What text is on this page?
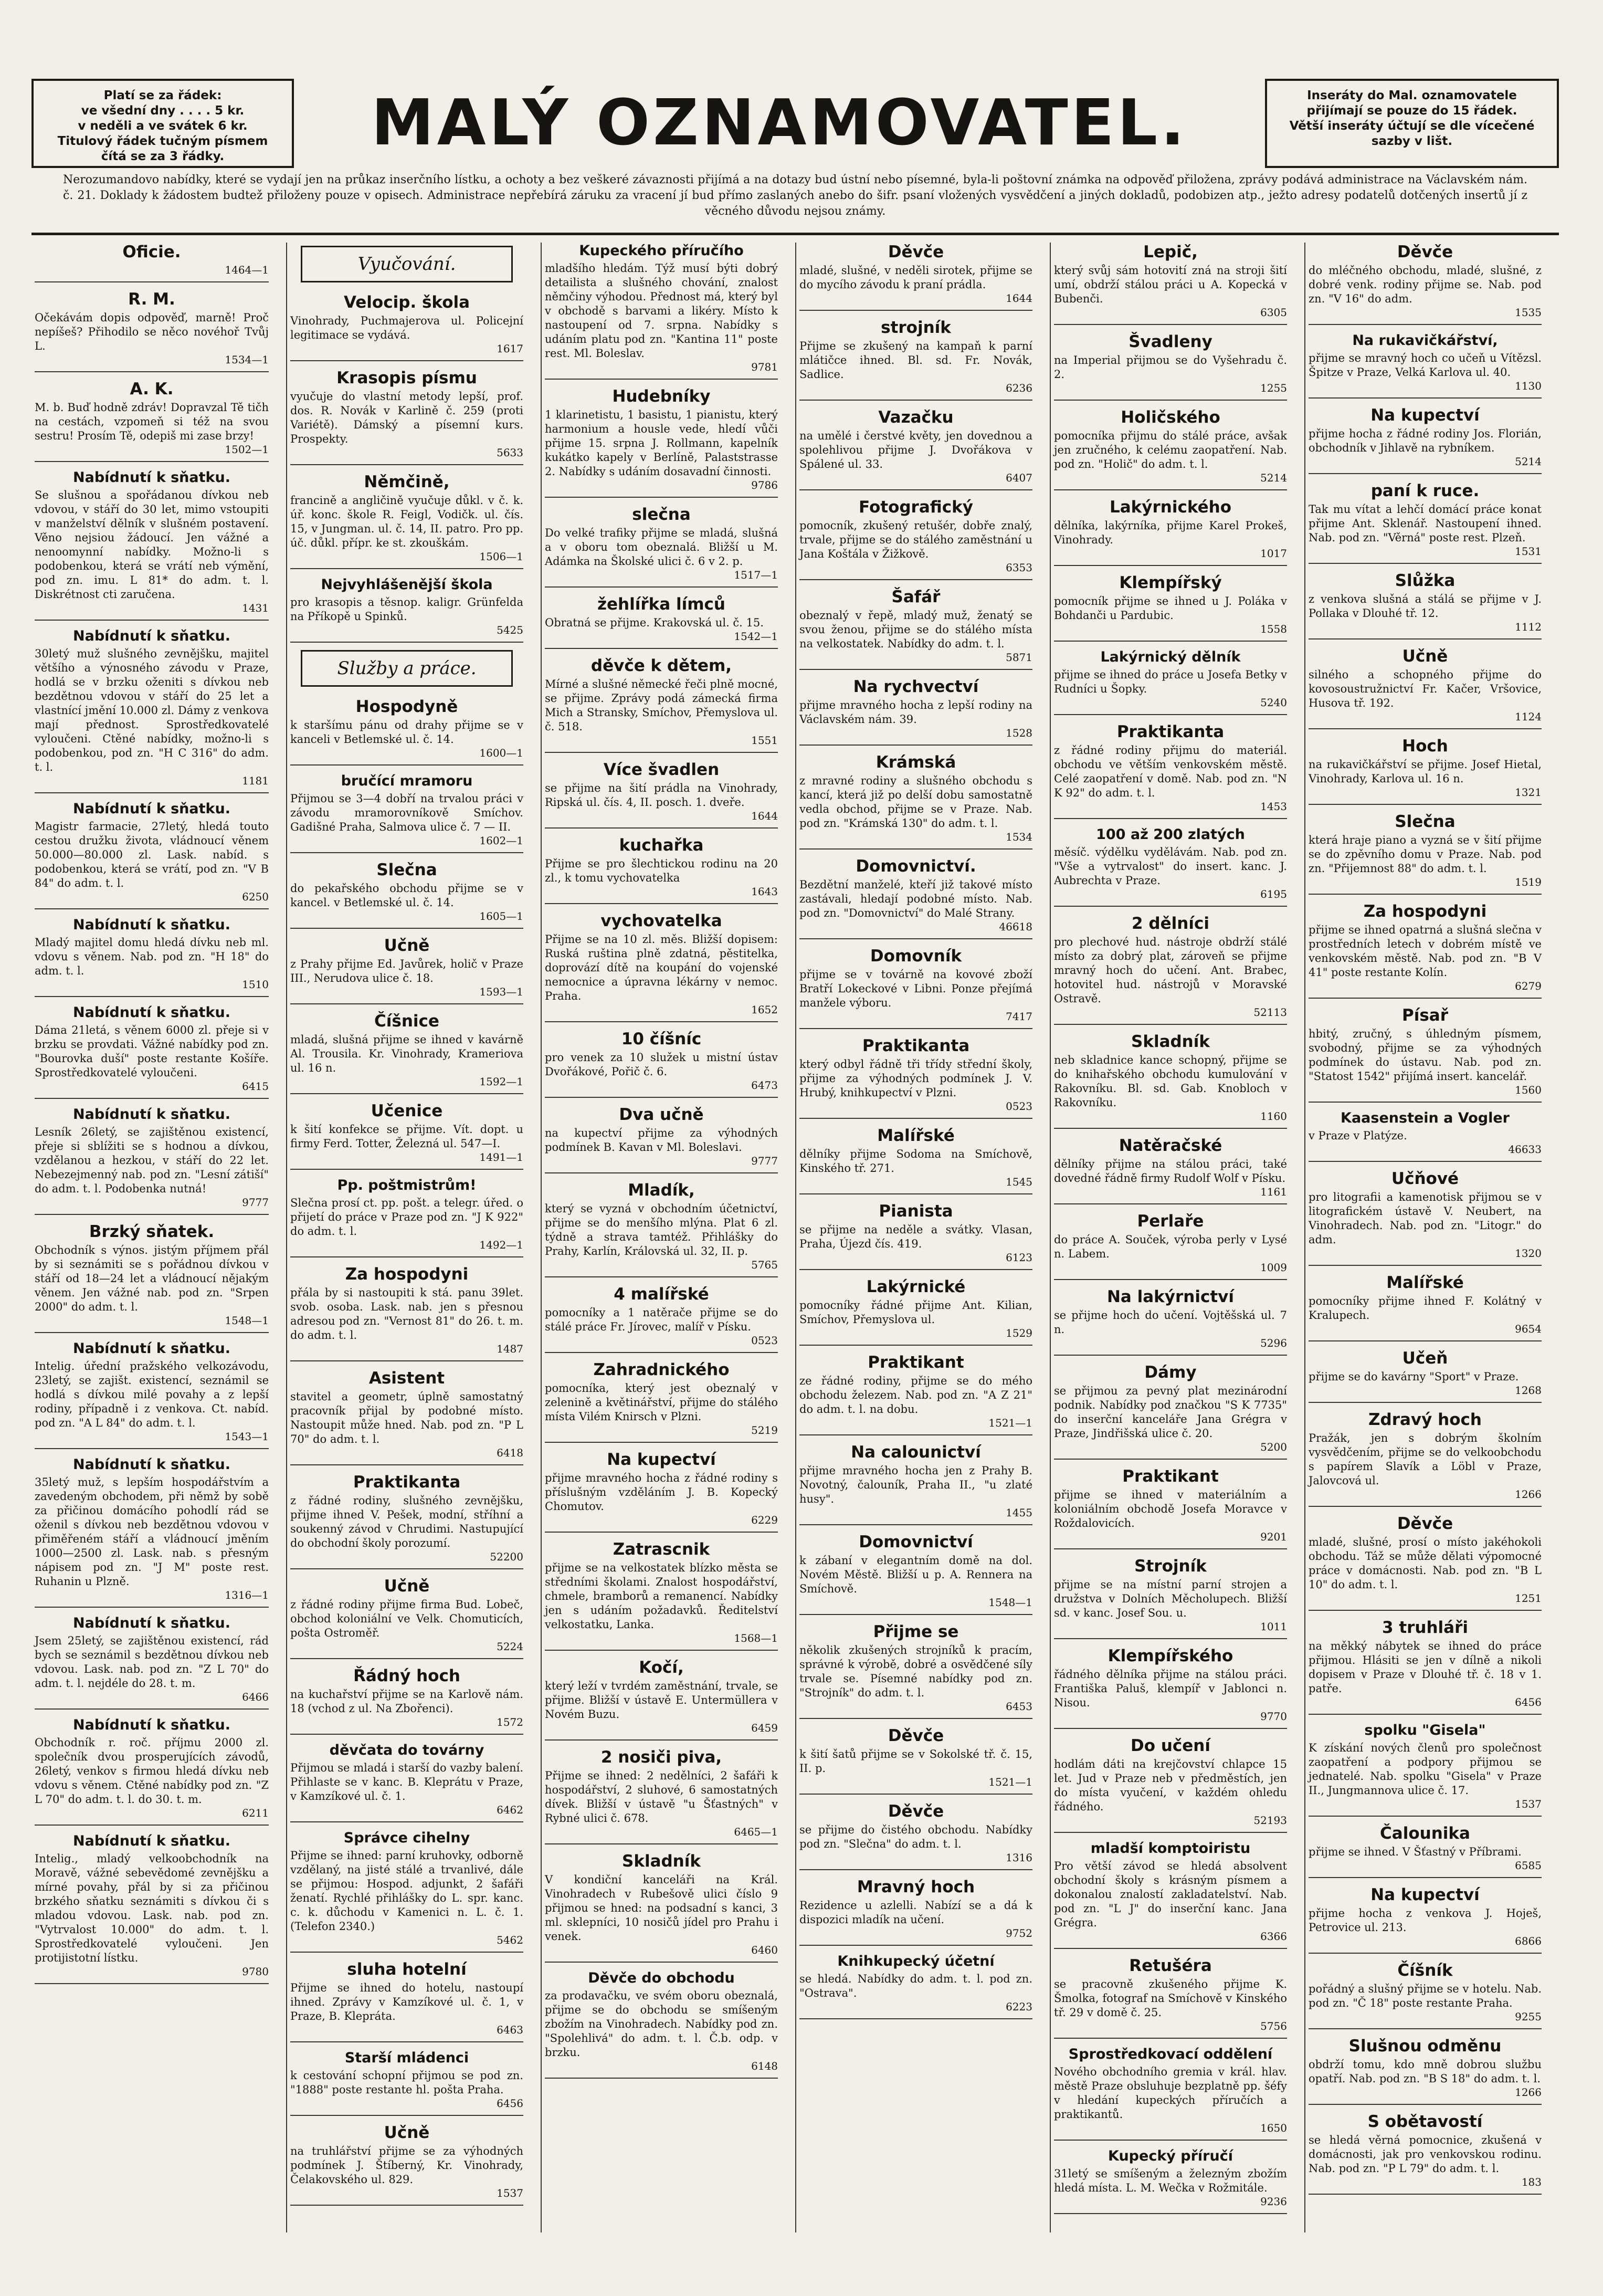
Platí se za řádek:
ve všední dny . . . . 5 kr.
v neděli a ve svátek 6 kr.
Titulový řádek tučným písmem
čítá se za 3 řádky.	MALÝ OZNAMOVATEL.	Inseráty do Mal. oznamovatele
přijímají se pouze do 15 řádek.
Větší inseráty účtují se dle vícečené sazby v lišt.
Nerozumandovo nabídky, které se vydají jen na průkaz inserčního lístku, a ochoty a bez veškeré závaznosti přijímá a na dotazy bud ústní nebo písemné, byla-li poštovní známka na odpověď přiložena, zprávy podává administrace na Václavském nám. č. 21. Doklady k žádostem budtež přiloženy pouze v opisech. Administrace nepřebírá záruku za vracení jí bud přímo zaslaných anebo do šifr. psaní vložených vysvědčení a jiných dokladů, podobizen atp., ježto adresy podatelů dotčených insertů jí z věcného důvodu nejsou známy.
Oficie.
1464—1
R. M.

Očekávám dopis odpověď, marně! Proč nepíšeš? Přihodilo se něco novéhoř Tvůj L.

1534—1
A. K.

M. b. Buď hodně zdráv! Dopravzal Tě tičh na cestách, vzpomeň si též na svou sestru! Prosím Tě, odepiš mi zase brzy!

1502—1
Nabídnutí k sňatku.

Se slušnou a spořádanou dívkou neb vdovou, v stáří do 30 let, mimo vstoupiti v manželství dělník v slušném postavení. Věno nejsiou žádoucí. Jen vážné a nenoomynní nabídky. Možno-li s podobenkou, která se vrátí neb výmění, pod zn. imu. L 81* do adm. t. l. Diskrétnost cti zaručena.

1431
Nabídnutí k sňatku.

30letý muž slušného zevnějšku, majitel většího a výnosného závodu v Praze, hodlá se v brzku oženiti s dívkou neb bezdětnou vdovou v stáří do 25 let a vlastnící jmění 10.000 zl. Dámy z venkova mají přednost. Sprostředkovatelé vyloučeni. Ctěné nabídky, možno-li s podobenkou, pod zn. "H C 316" do adm. t. l.

1181
Nabídnutí k sňatku.

Magistr farmacie, 27letý, hledá touto cestou družku života, vládnoucí věnem 50.000—80.000 zl. Lask. nabíd. s podobenkou, která se vrátí, pod zn. "V B 84" do adm. t. l.

6250
Nabídnutí k sňatku.

Mladý majitel domu hledá dívku neb ml. vdovu s věnem. Nab. pod zn. "H 18" do adm. t. l.

1510
Nabídnutí k sňatku.

Dáma 21letá, s věnem 6000 zl. přeje si v brzku se provdati. Vážné nabídky pod zn. "Bourovka duší" poste restante Košíře. Sprostředkovatelé vyloučeni.

6415
Nabídnutí k sňatku.

Lesník 26letý, se zajištěnou existencí, přeje si sblížiti se s hodnou a dívkou, vzdělanou a hezkou, v stáří do 22 let. Nebezejmenný nab. pod zn. "Lesní zátiší" do adm. t. l. Podobenka nutná!

9777
Brzký sňatek.

Obchodník s výnos. jistým příjmem přál by si seznámiti se s pořádnou dívkou v stáří od 18—24 let a vládnoucí nějakým věnem. Jen vážné nab. pod zn. "Srpen 2000" do adm. t. l.

1548—1
Nabídnutí k sňatku.

Intelig. úřední pražského velkozávodu, 23letý, se zajišt. existencí, seznámil se hodlá s dívkou milé povahy a z lepší rodiny, případně i z venkova. Ct. nabíd. pod zn. "A L 84" do adm. t. l.

1543—1
Nabídnutí k sňatku.

35letý muž, s lepším hospodářstvím a zavedeným obchodem, při němž by sobě za přičinou domácího pohodlí rád se oženil s dívkou neb bezdětnou vdovou v přiměřeném stáří a vládnoucí jměním 1000—2500 zl. Lask. nab. s přesným nápisem pod zn. "J M" poste rest. Ruhanin u Plzně.

1316—1
Nabídnutí k sňatku.

Jsem 25letý, se zajištěnou existencí, rád bych se seznámil s bezdětnou dívkou neb vdovou. Lask. nab. pod zn. "Z L 70" do adm. t. l. nejdéle do 28. t. m.

6466
Nabídnutí k sňatku.

Obchodník r. roč. příjmu 2000 zl. společník dvou prosperujících závodů, 26letý, venkov s firmou hledá dívku neb vdovu s věnem. Ctěné nabídky pod zn. "Z L 70" do adm. t. l. do 30. t. m.

6211
Nabídnutí k sňatku.

Intelig., mladý velkoobchodník na Moravě, vážné sebevědomé zevnějšku a mírné povahy, přál by si za přičinou brzkého sňatku seznámiti s dívkou či s mladou vdovou. Lask. nab. pod zn. "Vytrvalost 10.000" do adm. t. l. Sprostředkovatelé vyloučeni. Jen protijistotní lístku.

9780
Vyučování.
Velocip. škola

Vinohrady, Puchmajerova ul. Policejní legitimace se vydává.

1617
Krasopis písmu

vyučuje do vlastní metody lepší, prof. dos. R. Novák v Karlině č. 259 (proti Variétě). Dámský a písemní kurs. Prospekty.

5633
Němčině,

francině a angličině vyučuje důkl. v č. k. úř. konc. škole R. Feigl, Vodičk. ul. čís. 15, v Jungman. ul. č. 14, II. patro. Pro pp. úč. důkl. přípr. ke st. zkouškám.

1506—1
Nejvyhlášenější škola

pro krasopis a těsnop. kaligr. Grünfelda na Příkopě u Spinků.

5425
Služby a práce.
Hospodyně

k staršímu pánu od drahy přijme se v kanceli v Betlemské ul. č. 14.

1600—1
bručící mramoru

Přijmou se 3—4 dobří na trvalou práci v závodu mramorovníkově Smíchov. Gadišné Praha, Salmova ulice č. 7 — II.

1602—1
Slečna

do pekařského obchodu přijme se v kancel. v Betlemské ul. č. 14.

1605—1
Učně

z Prahy přijme Ed. Javůrek, holič v Praze III., Nerudova ulice č. 18.

1593—1
Číšnice

mladá, slušná přijme se ihned v kavárně Al. Trousila. Kr. Vinohrady, Krameriova ul. 16 n.

1592—1
Učenice

k šití konfekce se přijme. Vít. dopt. u firmy Ferd. Totter, Železná ul. 547—I.

1491—1
Pp. poštmistrům!

Slečna prosí ct. pp. pošt. a telegr. úřed. o přijetí do práce v Praze pod zn. "J K 922" do adm. t. l.

1492—1
Za hospodyni

přála by si nastoupiti k stá. panu 39let. svob. osoba. Lask. nab. jen s přesnou adresou pod zn. "Vernost 81" do 26. t. m. do adm. t. l.

1487
Asistent

stavitel a geometr, úplně samostatný pracovník přijal by podobné místo. Nastoupit může hned. Nab. pod zn. "P L 70" do adm. t. l.

6418
Praktikanta

z řádné rodiny, slušného zevnějšku, přijme ihned V. Pešek, modní, stříhní a soukenný závod v Chrudimi. Nastupující do obchodní školy porozumí.

52200
Učně

z řádné rodiny přijme firma Bud. Lobeč, obchod koloniální ve Velk. Chomuticích, pošta Ostroměř.

5224
Řádný hoch

na kuchařství přijme se na Karlově nám. 18 (vchod z ul. Na Zbořenci).

1572
děvčata do továrny

Přijmou se mladá i starší do vazby balení. Přihlaste se v kanc. B. Kleprátu v Praze, v Kamzíkové ul. č. 1.

6462
Správce cihelny

Přijme se ihned: parní kruhovky, odborně vzdělaný, na jisté stálé a trvanlivé, dále se přijmou: Hospod. adjunkt, 2 šafáři ženatí. Rychlé přihlášky do L. spr. kanc. c. k. důchodu v Kamenici n. L. č. 1. (Telefon 2340.)

5462
sluha hotelní

Přijme se ihned do hotelu, nastoupí ihned. Zprávy v Kamzíkové ul. č. 1, v Praze, B. Klepráta.

6463
Starší mládenci

k cestování schopní přijmou se pod zn. "1888" poste restante hl. pošta Praha.

6456
Učně

na truhlářství přijme se za výhodných podmínek J. Štíberný, Kr. Vinohrady, Čelakovského ul. 829.

1537
Kupeckého příručího

mladšího hledám. Týž musí býti dobrý detailista a slušného chování, znalost němčiny výhodou. Přednost má, který byl v obchodě s barvami a likéry. Místo k nastoupení od 7. srpna. Nabídky s udáním platu pod zn. "Kantina 11" poste rest. Ml. Boleslav.

9781
Hudebníky

1 klarinetistu, 1 basistu, 1 pianistu, který harmonium a housle vede, hledí vůči přijme 15. srpna J. Rollmann, kapelník kukátko kapely v Berlíně, Palaststrasse 2. Nabídky s udáním dosavadní činnosti.

9786
slečna

Do velké trafiky přijme se mladá, slušná a v oboru tom obeznalá. Bližší u M. Adámka na Školské ulici č. 6 v 2. p.

1517—1
žehlířka límců

Obratná se přijme. Krakovská ul. č. 15.

1542—1
děvče k dětem,

Mírné a slušné německé řeči plně mocné, se přijme. Zprávy podá zámecká firma Mich a Stransky, Smíchov, Přemyslova ul. č. 518.

1551
Více švadlen

se přijme na šití prádla na Vinohrady, Ripská ul. čís. 4, II. posch. 1. dveře.

1644
kuchařka

Přijme se pro šlechtickou rodinu na 20 zl., k tomu vychovatelka

1643
vychovatelka

Přijme se na 10 zl. měs. Bližší dopisem: Ruská ruština plně zdatná, pěstitelka, doprovází dítě na koupání do vojenské nemocnice a úpravna lékárny v nemoc. Praha.

1652
10 číšníc

pro venek za 10 služek u mistní ústav Dvořákové, Pořič č. 6.

6473
Dva učně

na kupectví přijme za výhodných podmínek B. Kavan v Ml. Boleslavi.

9777
Mladík,

který se vyzná v obchodním účetnictví, přijme se do menšího mlýna. Plat 6 zl. týdně a strava tamtéž. Přihlášky do Prahy, Karlín, Královská ul. 32, II. p.

5765
4 malířské

pomocníky a 1 natěrače přijme se do stálé práce Fr. Jírovec, malíř v Písku.

0523
Zahradnického

pomocníka, který jest obeznalý v zelenině a květinářství, přijme do stálého místa Vilém Knirsch v Plzni.

5219
Na kupectví

přijme mravného hocha z řádné rodiny s příslušným vzděláním J. B. Kopecký Chomutov.

6229
Zatrascnik

přijme se na velkostatek blízko města se středními školami. Znalost hospodářství, chmele, bramborů a remanencí. Nabídky jen s udáním požadavků. Ředitelství velkostatku, Lanka.

1568—1
Kočí,

který leží v tvrdém zaměstnání, trvale, se přijme. Bližší v ústavě E. Untermüllera v Novém Buzu.

6459
2 nosiči piva,

Přijme se ihned: 2 nedělníci, 2 šafáři k hospodářství, 2 sluhové, 6 samostatných dívek. Bližší v ústavě "u Šťastných" v Rybné ulici č. 678.

6465—1
Skladník

V kondiční kanceláři na Král. Vinohradech v Rubešově ulici číslo 9 přijmou se hned: na podsadní s kanci, 3 ml. sklepníci, 10 nosičů jídel pro Prahu i venek.

6460
Děvče do obchodu

za prodavačku, ve svém oboru obeznalá, přijme se do obchodu se smíšeným zbožím na Vinohradech. Nabídky pod zn. "Spolehlivá" do adm. t. l. Č.b. odp. v brzku.

6148
Děvče

mladé, slušné, v neděli sirotek, přijme se do mycího závodu k praní prádla.

1644
strojník

Přijme se zkušený na kampaň k parní mlátičce ihned. Bl. sd. Fr. Novák, Sadlice.

6236
Vazačku

na umělé i čerstvé květy, jen dovednou a spolehlivou přijme J. Dvořákova v Spálené ul. 33.

6407
Fotografický

pomocník, zkušený retušér, dobře znalý, trvale, přijme se do stálého zaměstnání u Jana Koštála v Žižkově.

6353
Šafář

obeznalý v řepě, mladý muž, ženatý se svou ženou, přijme se do stálého místa na velkostatek. Nabídky do adm. t. l.

5871
Na rychvectví

přijme mravného hocha z lepší rodiny na Václavském nám. 39.

1528
Krámská

z mravné rodiny a slušného obchodu s kancí, která již po delší dobu samostatně vedla obchod, přijme se v Praze. Nab. pod zn. "Krámská 130" do adm. t. l.

1534
Domovnictví.

Bezdětní manželé, kteří již takové místo zastávali, hledají podobné místo. Nab. pod zn. "Domovnictví" do Malé Strany.

46618
Domovník

přijme se v továrně na kovové zboží Bratří Lokeckové v Libni. Ponze přejímá manžele výboru.

7417
Praktikanta

který odbyl řádně tři třídy střední školy, přijme za výhodných podmínek J. V. Hrubý, knihkupectví v Plzni.

0523
Malířské

dělníky přijme Sodoma na Smíchově, Kinského tř. 271.

1545
Pianista

se přijme na neděle a svátky. Vlasan, Praha, Újezd čís. 419.

6123
Lakýrnické

pomocníky řádné přijme Ant. Kilian, Smíchov, Přemyslova ul.

1529
Praktikant

ze řádné rodiny, přijme se do mého obchodu železem. Nab. pod zn. "A Z 21" do adm. t. l. na dobu.

1521—1
Na calounictví

přijme mravného hocha jen z Prahy B. Novotný, čalouník, Praha II., "u zlaté husy".

1455
Domovnictví

k zábaní v elegantním domě na dol. Novém Městě. Bližší u p. A. Rennera na Smíchově.

1548—1
Přijme se

několik zkušených strojníků k pracím, správné k výrobě, dobré a osvědčené síly trvale se. Písemné nabídky pod zn. "Strojník" do adm. t. l.

6453
Děvče

k šití šatů přijme se v Sokolské tř. č. 15, II. p.

1521—1
Děvče

se přijme do čistého obchodu. Nabídky pod zn. "Slečna" do adm. t. l.

1316
Mravný hoch

Rezidence u azlelli. Nabízí se a dá k dispozici mladík na učení.

9752
Knihkupecký účetní

se hledá. Nabídky do adm. t. l. pod zn. "Ostrava".

6223
Lepič,

který svůj sám hotovití zná na stroji šití umí, obdrží stálou práci u A. Kopecká v Bubenči.

6305
Švadleny

na Imperial přijmou se do Vyšehradu č. 2.

1255
Holičského

pomocníka přijmu do stálé práce, avšak jen zručného, k celému zaopatření. Nab. pod zn. "Holič" do adm. t. l.

5214
Lakýrnického

dělníka, lakýrníka, přijme Karel Prokeš, Vinohrady.

1017
Klempířský

pomocník přijme se ihned u J. Poláka v Bohdanči u Pardubic.

1558
Lakýrnický dělník

přijme se ihned do práce u Josefa Betky v Rudníci u Šopky.

5240
Praktikanta

z řádné rodiny přijmu do materiál. obchodu ve větším venkovském městě. Celé zaopatření v domě. Nab. pod zn. "N K 92" do adm. t. l.

1453
100 až 200 zlatých

měsíč. výdělku vydělávám. Nab. pod zn. "Vše a vytrvalost" do insert. kanc. J. Aubrechta v Praze.

6195
2 dělníci

pro plechové hud. nástroje obdrží stálé místo za dobrý plat, zároveň se přijme mravný hoch do učení. Ant. Brabec, hotovitel hud. nástrojů v Moravské Ostravě.

52113
Skladník

neb skladnice kance schopný, přijme se do knihařského obchodu kumulování v Rakovníku. Bl. sd. Gab. Knobloch v Rakovníku.

1160
Natěračské

dělníky přijme na stálou práci, také dovedné řádně firmy Rudolf Wolf v Písku.

1161
Perlaře

do práce A. Souček, výroba perly v Lysé n. Labem.

1009
Na lakýrnictví

se přijme hoch do učení. Vojtěšská ul. 7 n.

5296
Dámy

se přijmou za pevný plat mezinárodní podnik. Nabídky pod značkou "S K 7735" do inserční kanceláře Jana Grégra v Praze, Jindřišská ulice č. 20.

5200
Praktikant

přijme se ihned v materiálním a koloniálním obchodě Josefa Moravce v Roždalovicích.

9201
Strojník

přijme se na místní parní strojen a družstva v Dolních Měcholupech. Bližší sd. v kanc. Josef Sou. u.

1011
Klempířského

řádného dělníka přijme na stálou práci. Františka Paluš, klempíř v Jablonci n. Nisou.

9770
Do učení

hodlám dáti na krejčovství chlapce 15 let. Jud v Praze neb v předměstích, jen do místa vyučení, v každém ohledu řádného.

52193
mladší komptoiristu

Pro větší závod se hledá absolvent obchodní školy s krásným písmem a dokonalou znalostí zakladatelství. Nab. pod zn. "L J" do inserční kanc. Jana Grégra.

6366
Retušéra

se pracovně zkušeného přijme K. Šmolka, fotograf na Smíchově v Kinského tř. 29 v domě č. 25.

5756
Sprostředkovací oddělení

Nového obchodního gremia v král. hlav. městě Praze obsluhuje bezplatně pp. šéfy v hledání kupeckých příručích a praktikantů.

1650
Kupecký příručí

31letý se smíšeným a železným zbožím hledá místa. L. M. Wečka v Rožmitále.

9236
Děvče

do mléčného obchodu, mladé, slušné, z dobré venk. rodiny přijme se. Nab. pod zn. "V 16" do adm.

1535
Na rukavičkářství,

přijme se mravný hoch co učeň u Vítězsl. Špitze v Praze, Velká Karlova ul. 40.

1130
Na kupectví

přijme hocha z řádné rodiny Jos. Florián, obchodník v Jihlavě na rybníkem.

5214
paní k ruce.

Tak mu vítat a lehčí domácí práce konat přijme Ant. Sklenář. Nastoupení ihned. Nab. pod zn. "Věrná" poste rest. Plzeň.

1531
Slůžka

z venkova slušná a stálá se přijme v J. Pollaka v Dlouhé tř. 12.

1112
Učně

silného a schopného přijme do kovosoustružnictví Fr. Kačer, Vršovice, Husova tř. 192.

1124
Hoch

na rukavičkářství se přijme. Josef Hietal, Vinohrady, Karlova ul. 16 n.

1321
Slečna

která hraje piano a vyzná se v šití přijme se do zpěvního domu v Praze. Nab. pod zn. "Přijemnost 88" do adm. t. l.

1519
Za hospodyni

přijme se ihned opatrná a slušná slečna v prostředních letech v dobrém místě ve venkovském městě. Nab. pod zn. "B V 41" poste restante Kolín.

6279
Písař

hbitý, zručný, s úhledným písmem, svobodný, přijme se za výhodných podmínek do ústavu. Nab. pod zn. "Statost 1542" přijímá insert. kancelář.

1560
Kaasenstein a Vogler

v Praze v Platýze.

46633
Učňové

pro litografii a kamenotisk přijmou se v litografickém ústavě V. Neubert, na Vinohradech. Nab. pod zn. "Litogr." do adm.

1320
Malířské

pomocníky přijme ihned F. Kolátný v Kralupech.

9654
Učeň

přijme se do kavárny "Sport" v Praze.

1268
Zdravý hoch

Pražák, jen s dobrým školním vysvědčením, přijme se do velkoobchodu s papírem Slavík a Löbl v Praze, Jalovcová ul.

1266
Děvče

mladé, slušné, prosí o místo jakéhokoli obchodu. Táž se může dělati výpomocné práce v domácnosti. Nab. pod zn. "B L 10" do adm. t. l.

1251
3 truhláři

na měkký nábytek se ihned do práce přijmou. Hlásiti se jen v dílně a nikoli dopisem v Praze v Dlouhé tř. č. 18 v 1. patře.

6456
spolku "Gisela"

K získání nových členů pro společnost zaopatření a podpory přijmou se jednatelé. Nab. spolku "Gisela" v Praze II., Jungmannova ulice č. 17.

1537
Čalounika

přijme se ihned. V Šťastný v Příbrami.

6585
Na kupectví

přijme hocha z venkova J. Hoješ, Petrovice ul. 213.

6866
Číšník

pořádný a slušný přijme se v hotelu. Nab. pod zn. "Č 18" poste restante Praha.

9255
Slušnou odměnu

obdrží tomu, kdo mně dobrou službu opatří. Nab. pod zn. "B S 18" do adm. t. l.

1266
S obětavostí

se hledá věrná pomocnice, zkušená v domácnosti, jak pro venkovskou rodinu. Nab. pod zn. "P L 79" do adm. t. l.

183
